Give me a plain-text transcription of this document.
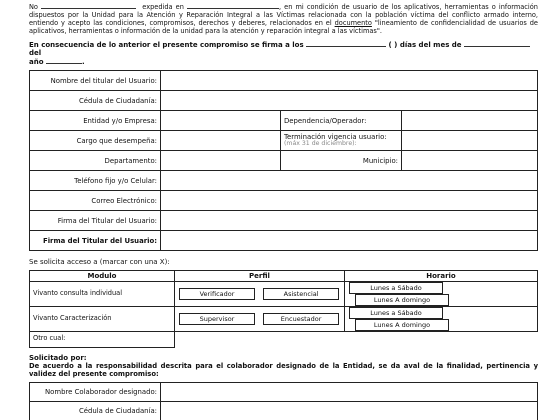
No	expedida en	, en mi condición de usuario de los aplicativos, herramientas o información dispuestos por la Unidad para la Atención y Reparación Integral a las Víctimas relacionada con la población víctima del conflicto armado interno, entiendo y acepto las condiciones, compromisos, derechos y deberes, relacionados en el documento "lineamiento de confidencialidad de usuarios de aplicativos, herramientas o información de la unidad para la atención y reparación integral a las víctimas".

En consecuencia de lo anterior el presente compromiso se firma a los	( ) días del mes de del
año	.

Nombre del titular del Usuario:			
Cédula de Ciudadanía:			
Entidad y/o Empresa:		Dependencia/Operador:	
Cargo que desempeña:		Terminación vigencia usuario:
(máx 31 de diciembre):	

Departamento:		Municipio:	
Teléfono fijo y/o Celular:			
Correo Electrónico:			
Firma del Titular del Usuario:			
Firma del Titular del Usuario:			

Se solicita acceso a (marcar con una X):

Modulo	Perfil	Horario
Vivanto consulta individual	Verificador Asistencial	Lunes a Sábado Lunes A domingo
Vivanto Caracterización	Supervisor Encuestador	Lunes a Sábado Lunes A domingo
Otro cual:		

Solicitado por:

De acuerdo a la responsabilidad descrita para el colaborador designado de la Entidad, se da aval de la finalidad, pertinencia y validez del presente compromiso:

Nombre Colaborador designado:	
Cédula de Ciudadanía:	
